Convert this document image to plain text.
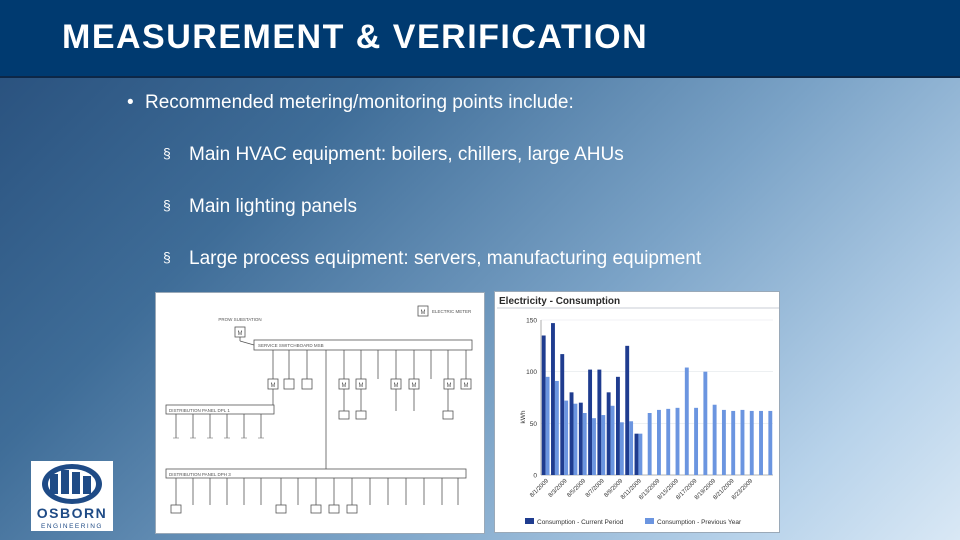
MEASUREMENT & VERIFICATION
• Recommended metering/monitoring points include:
§ Main HVAC equipment: boilers, chillers, large AHUs
§ Main lighting panels
§ Large process equipment: servers, manufacturing equipment
PROW SUBSTATION
ELECTRIC METER
SERVICE SWITCHBOARD MSB
DISTRIBUTION PANEL DPL 1
DISTRIBUTION PANEL DPH 3
M
M
M	M M	M M	M M
Electricity - Consumption
kWh
0
50
100
150
8/1/2009
8/3/2009
8/5/2009
8/7/2009
8/9/2009
8/11/2009
8/13/2009
8/15/2009
8/17/2009
8/19/2009
8/21/2009
8/23/2009
Consumption - Current Period	Consumption - Previous Year
OSBORN
ENGINEERING
